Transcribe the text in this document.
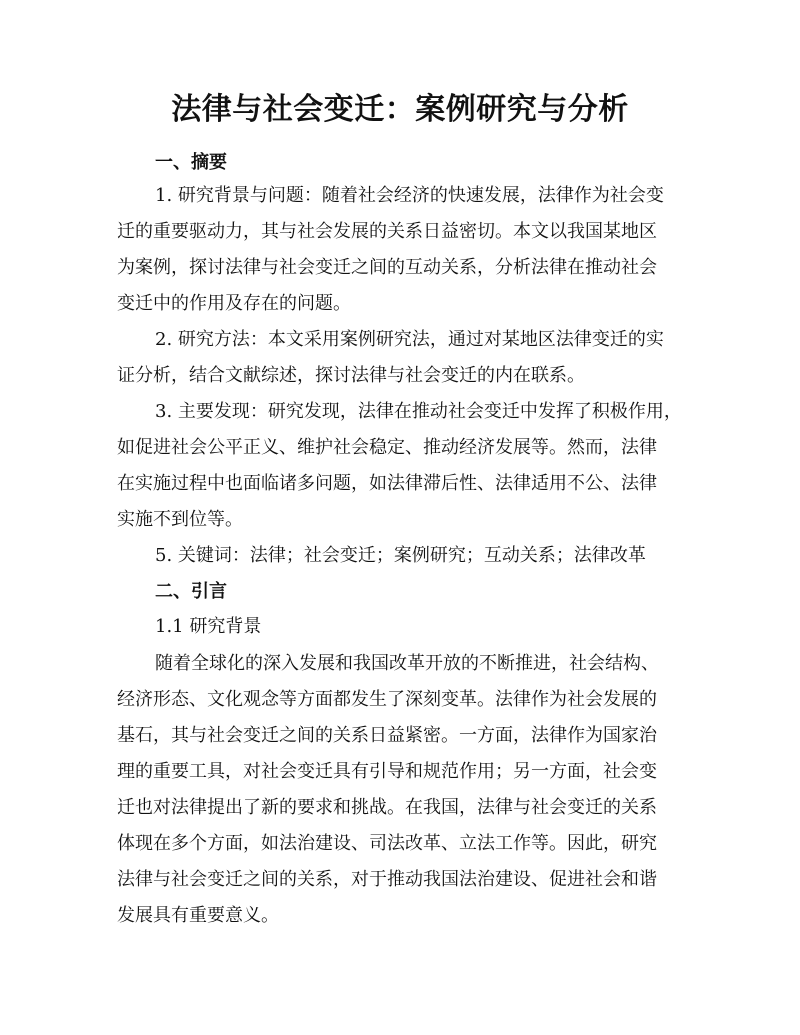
法律与社会变迁：案例研究与分析
一、摘要
1. 研究背景与问题：随着社会经济的快速发展，法律作为社会变
迁的重要驱动力，其与社会发展的关系日益密切。本文以我国某地区
为案例，探讨法律与社会变迁之间的互动关系，分析法律在推动社会
变迁中的作用及存在的问题。
2. 研究方法：本文采用案例研究法，通过对某地区法律变迁的实
证分析，结合文献综述，探讨法律与社会变迁的内在联系。
3. 主要发现：研究发现，法律在推动社会变迁中发挥了积极作用，
如促进社会公平正义、维护社会稳定、推动经济发展等。然而，法律
在实施过程中也面临诸多问题，如法律滞后性、法律适用不公、法律
实施不到位等。
5. 关键词：法律；社会变迁；案例研究；互动关系；法律改革
二、引言
1.1 研究背景
随着全球化的深入发展和我国改革开放的不断推进，社会结构、
经济形态、文化观念等方面都发生了深刻变革。法律作为社会发展的
基石，其与社会变迁之间的关系日益紧密。一方面，法律作为国家治
理的重要工具，对社会变迁具有引导和规范作用；另一方面，社会变
迁也对法律提出了新的要求和挑战。在我国，法律与社会变迁的关系
体现在多个方面，如法治建设、司法改革、立法工作等。因此，研究
法律与社会变迁之间的关系，对于推动我国法治建设、促进社会和谐
发展具有重要意义。
